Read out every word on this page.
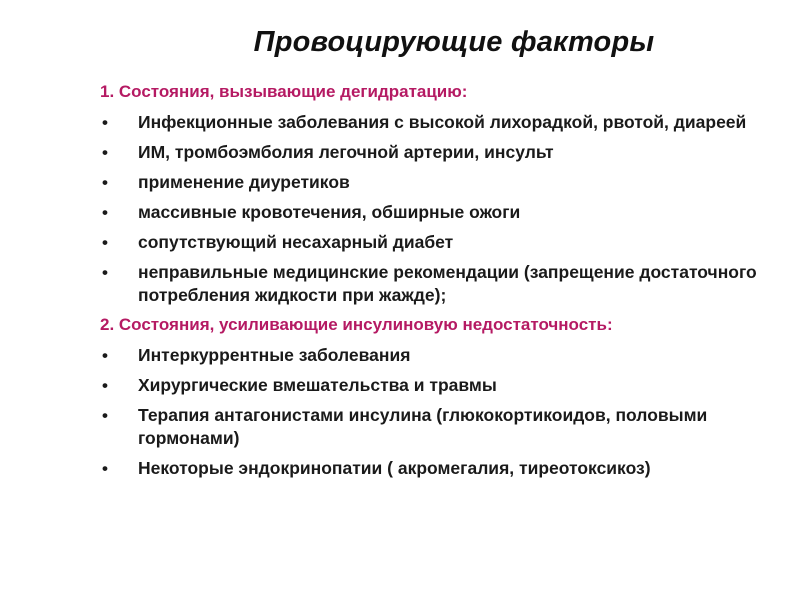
Провоцирующие факторы
1. Состояния, вызывающие дегидратацию:
• Инфекционные заболевания с высокой лихорадкой, рвотой, диареей
• ИМ, тромбоэмболия легочной артерии, инсульт
• применение диуретиков
• массивные кровотечения, обширные ожоги
• сопутствующий несахарный диабет
• неправильные медицинские рекомендации (запрещение достаточного потребления жидкости при жажде);
2. Состояния, усиливающие инсулиновую недостаточность:
• Интеркуррентные заболевания
• Хирургические вмешательства и травмы
• Терапия антагонистами инсулина (глюкокортикоидов, половыми гормонами)
• Некоторые эндокринопатии ( акромегалия, тиреотоксикоз)
